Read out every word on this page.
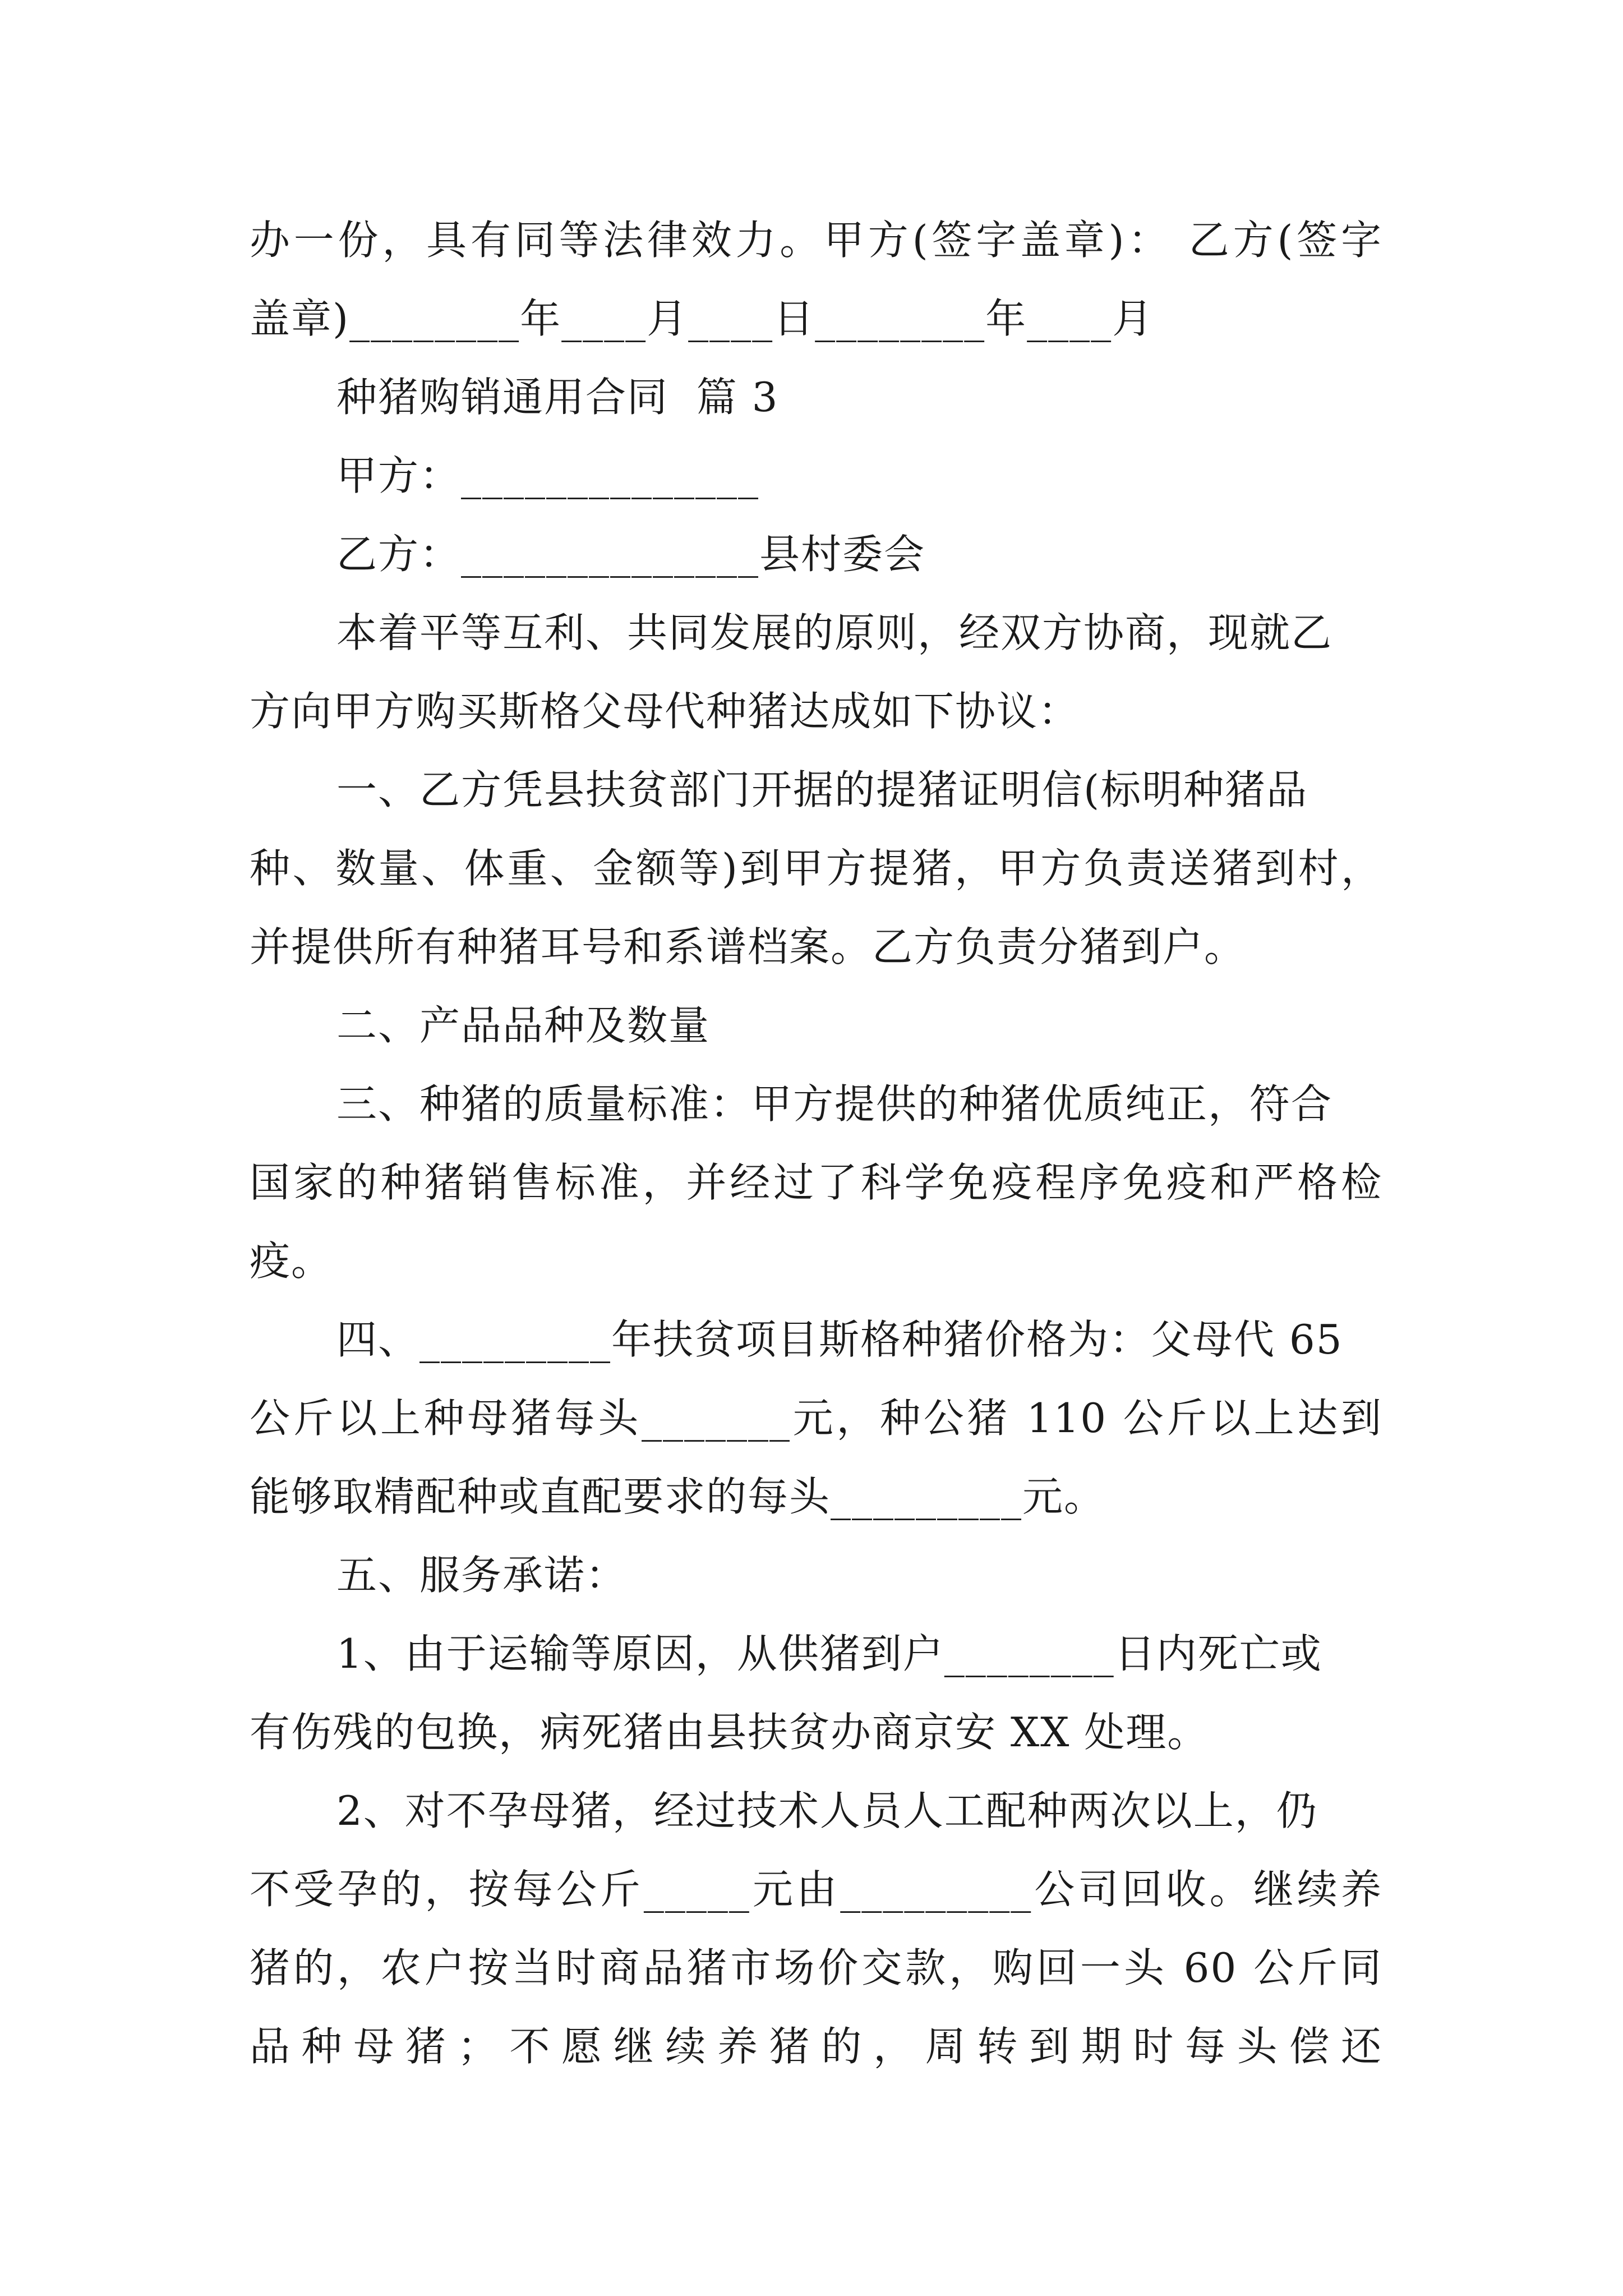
办一份，具有同等法律效力。甲方(签字盖章)： 乙方(签字
盖章)________年____月____日________年____月
种猪购销通用合同  篇 3
甲方：______________
乙方：______________县村委会
本着平等互利、共同发展的原则，经双方协商，现就乙
方向甲方购买斯格父母代种猪达成如下协议：
一、乙方凭县扶贫部门开据的提猪证明信(标明种猪品
种、数量、体重、金额等)到甲方提猪，甲方负责送猪到村，
并提供所有种猪耳号和系谱档案。乙方负责分猪到户。
二、产品品种及数量
三、种猪的质量标准：甲方提供的种猪优质纯正，符合
国家的种猪销售标准，并经过了科学免疫程序免疫和严格检
疫。
四、_________年扶贫项目斯格种猪价格为：父母代 65
公斤以上种母猪每头_______元，种公猪 110 公斤以上达到
能够取精配种或直配要求的每头_________元。
五、服务承诺：
1、由于运输等原因，从供猪到户________日内死亡或
有伤残的包换，病死猪由县扶贫办商京安 XX 处理。
2、对不孕母猪，经过技术人员人工配种两次以上，仍
不受孕的，按每公斤_____元由_________公司回收。继续养
猪的，农户按当时商品猪市场价交款，购回一头 60 公斤同
品种母猪；不愿继续养猪的，周转到期时每头偿还
